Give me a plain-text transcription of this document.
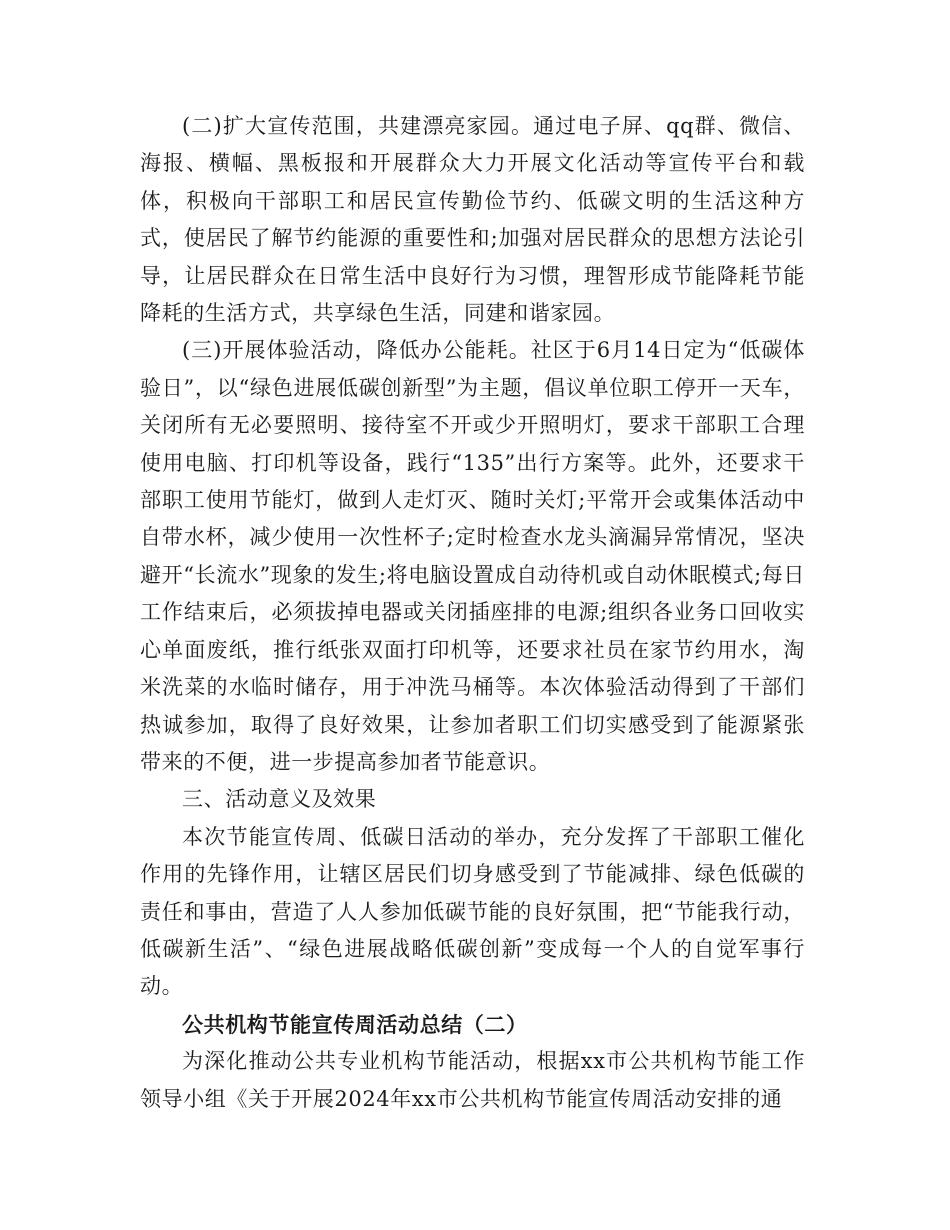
(二)扩大宣传范围，共建漂亮家园。通过电子屏、qq群、微信、海报、横幅、黑板报和开展群众大力开展文化活动等宣传平台和载体，积极向干部职工和居民宣传勤俭节约、低碳文明的生活这种方式，使居民了解节约能源的重要性和;加强对居民群众的思想方法论引导，让居民群众在日常生活中良好行为习惯，理智形成节能降耗节能降耗的生活方式，共享绿色生活，同建和谐家园。

(三)开展体验活动，降低办公能耗。社区于6月14日定为“低碳体验日”，以“绿色进展低碳创新型”为主题，倡议单位职工停开一天车，关闭所有无必要照明、接待室不开或少开照明灯，要求干部职工合理使用电脑、打印机等设备，践行“135”出行方案等。此外，还要求干部职工使用节能灯，做到人走灯灭、随时关灯;平常开会或集体活动中自带水杯，减少使用一次性杯子;定时检查水龙头滴漏异常情况，坚决避开“长流水”现象的发生;将电脑设置成自动待机或自动休眠模式;每日工作结束后，必须拔掉电器或关闭插座排的电源;组织各业务口回收实心单面废纸，推行纸张双面打印机等，还要求社员在家节约用水，淘米洗菜的水临时储存，用于冲洗马桶等。本次体验活动得到了干部们热诚参加，取得了良好效果，让参加者职工们切实感受到了能源紧张带来的不便，进一步提高参加者节能意识。

三、活动意义及效果

本次节能宣传周、低碳日活动的举办，充分发挥了干部职工催化作用的先锋作用，让辖区居民们切身感受到了节能减排、绿色低碳的责任和事由，营造了人人参加低碳节能的良好氛围，把“节能我行动，低碳新生活”、“绿色进展战略低碳创新”变成每一个人的自觉军事行动。

公共机构节能宣传周活动总结（二）

为深化推动公共专业机构节能活动，根据xx市公共机构节能工作领导小组《关于开展2024年xx市公共机构节能宣传周活动安排的通
